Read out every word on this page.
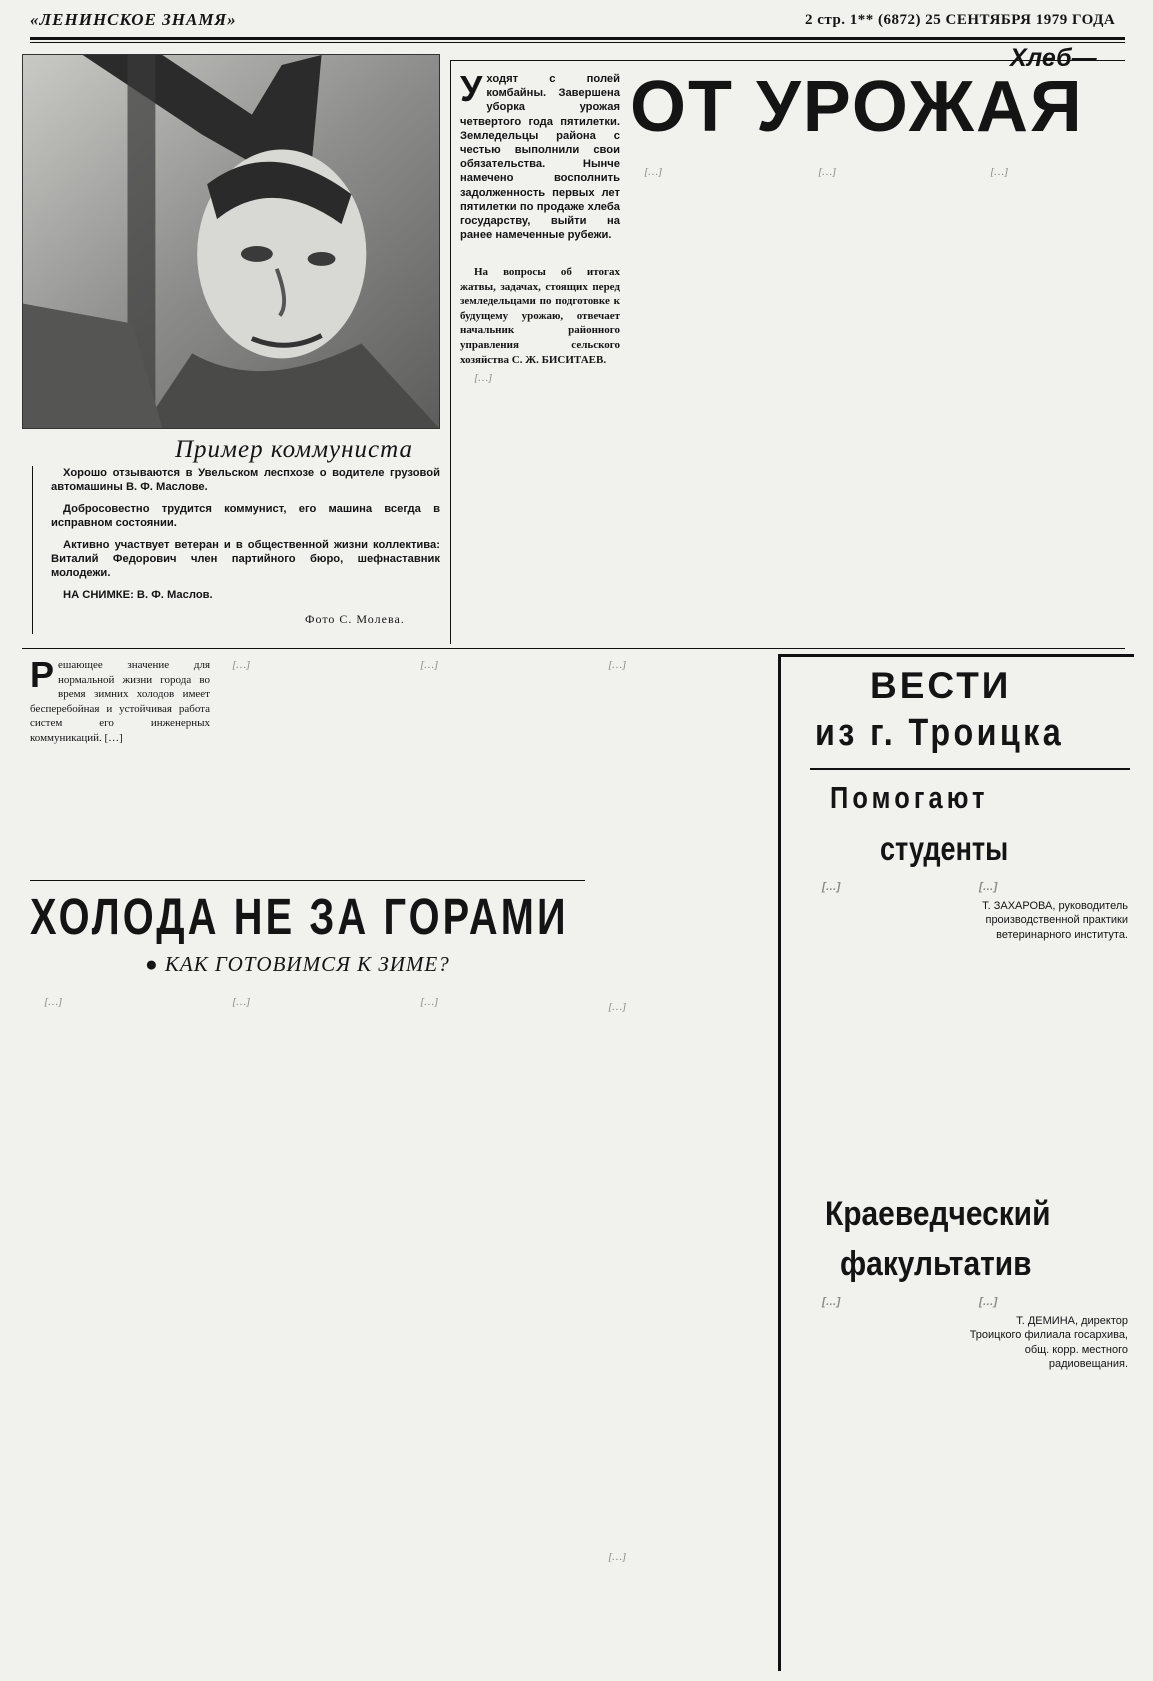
«ЛЕНИНСКОЕ ЗНАМЯ»	2 стр. 1** (6872) 25 СЕНТЯБРЯ 1979 ГОДА
Хлеб—
ОТ УРОЖАЯ
Уходят с полей комбайны. Завершена уборка урожая четвертого года пятилетки. Земледельцы района с честью выполнили свои обязательства. Нынче намечено восполнить задолженность первых лет пятилетки по продаже хлеба государству, выйти на ранее намеченные рубежи.

На вопросы об итогах жатвы, задачах, стоящих перед земледельцами по подготовке к будущему урожаю, отвечает начальник районного управления сельского хозяйства С. Ж. БИСИТАЕВ.

[…]

[…]	[…]	[…]

Пример коммуниста

Хорошо отзываются в Увельском леспхозе о водителе грузовой автомашины В. Ф. Маслове.

Добросовестно трудится коммунист, его машина всегда в исправном состоянии.

Активно участвует ветеран и в общественной жизни коллектива: Виталий Федорович член партийного бюро, шефнаставник молодежи.

НА СНИМКЕ: В. Ф. Маслов.

Фото С. Молева.

Решающее значение для нормальной жизни города во время зимних холодов имеет бесперебойная и устойчивая работа систем его инженерных коммуникаций. […]

[…]	[…]	[…]

[…]

ХОЛОДА НЕ ЗА ГОРАМИ
● КАК ГОТОВИМСЯ К ЗИМЕ?

[…]	[…]	[…]

[…]

ВЕСТИ
из г. Троицка
Помогают
студенты

[…]	[…]

Т. ЗАХАРОВА, руководитель производственной практики ветеринарного института.

Краеведческий
факультатив

[…]	[…]

Т. ДЕМИНА, директор Троицкого филиала госархива, общ. корр. местного радиовещания.
